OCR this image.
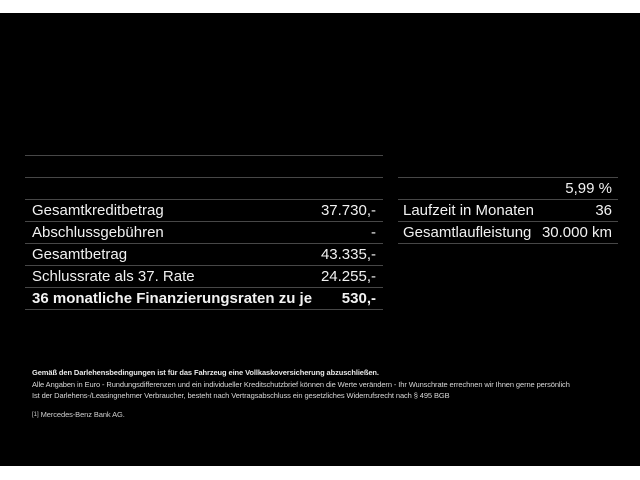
Gesamtkreditbetrag	37.730,-
Abschlussgebühren	-
Gesamtbetrag	43.335,-
Schlussrate als 37. Rate	24.255,-
36 monatliche Finanzierungsraten zu je 530,-
5,99 %
Laufzeit in Monaten	36
Gesamtlaufleistung 30.000 km
Gemäß den Darlehensbedingungen ist für das Fahrzeug eine Vollkaskoversicherung abzuschließen.
Alle Angaben in Euro - Rundungsdifferenzen und ein individueller Kreditschutzbrief können die Werte verändern - Ihr Wunschrate errechnen wir Ihnen gerne persönlich
Ist der Darlehens-/Leasingnehmer Verbraucher, besteht nach Vertragsabschluss ein gesetzliches Widerrufsrecht nach § 495 BGB
[1] Mercedes-Benz Bank AG.
